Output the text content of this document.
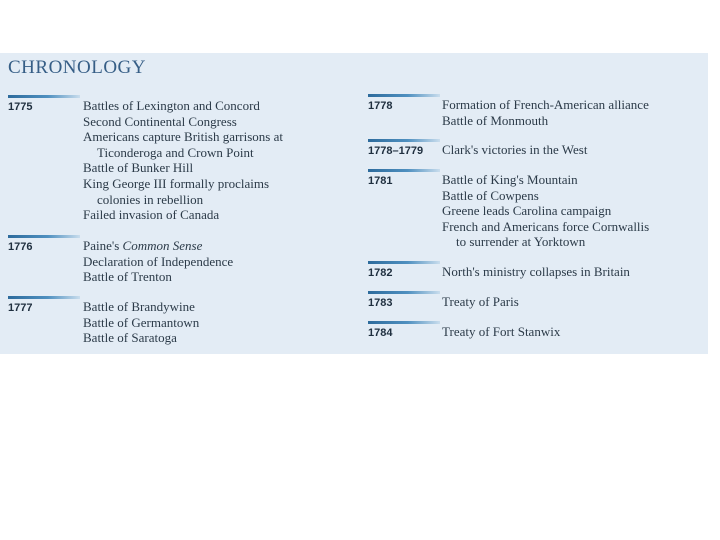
CHRONOLOGY
1775	Battles of Lexington and Concord
Second Continental Congress
Americans capture British garrisons at
Ticonderoga and Crown Point
Battle of Bunker Hill
King George III formally proclaims
colonies in rebellion
Failed invasion of Canada
1776	Paine's Common Sense
Declaration of Independence
Battle of Trenton
1777	Battle of Brandywine
Battle of Germantown
Battle of Saratoga
1778	Formation of French-American alliance
Battle of Monmouth
1778–1779 Clark's victories in the West
1781	Battle of King's Mountain
Battle of Cowpens
Greene leads Carolina campaign
French and Americans force Cornwallis
to surrender at Yorktown
1782	North's ministry collapses in Britain
1783	Treaty of Paris
1784	Treaty of Fort Stanwix
